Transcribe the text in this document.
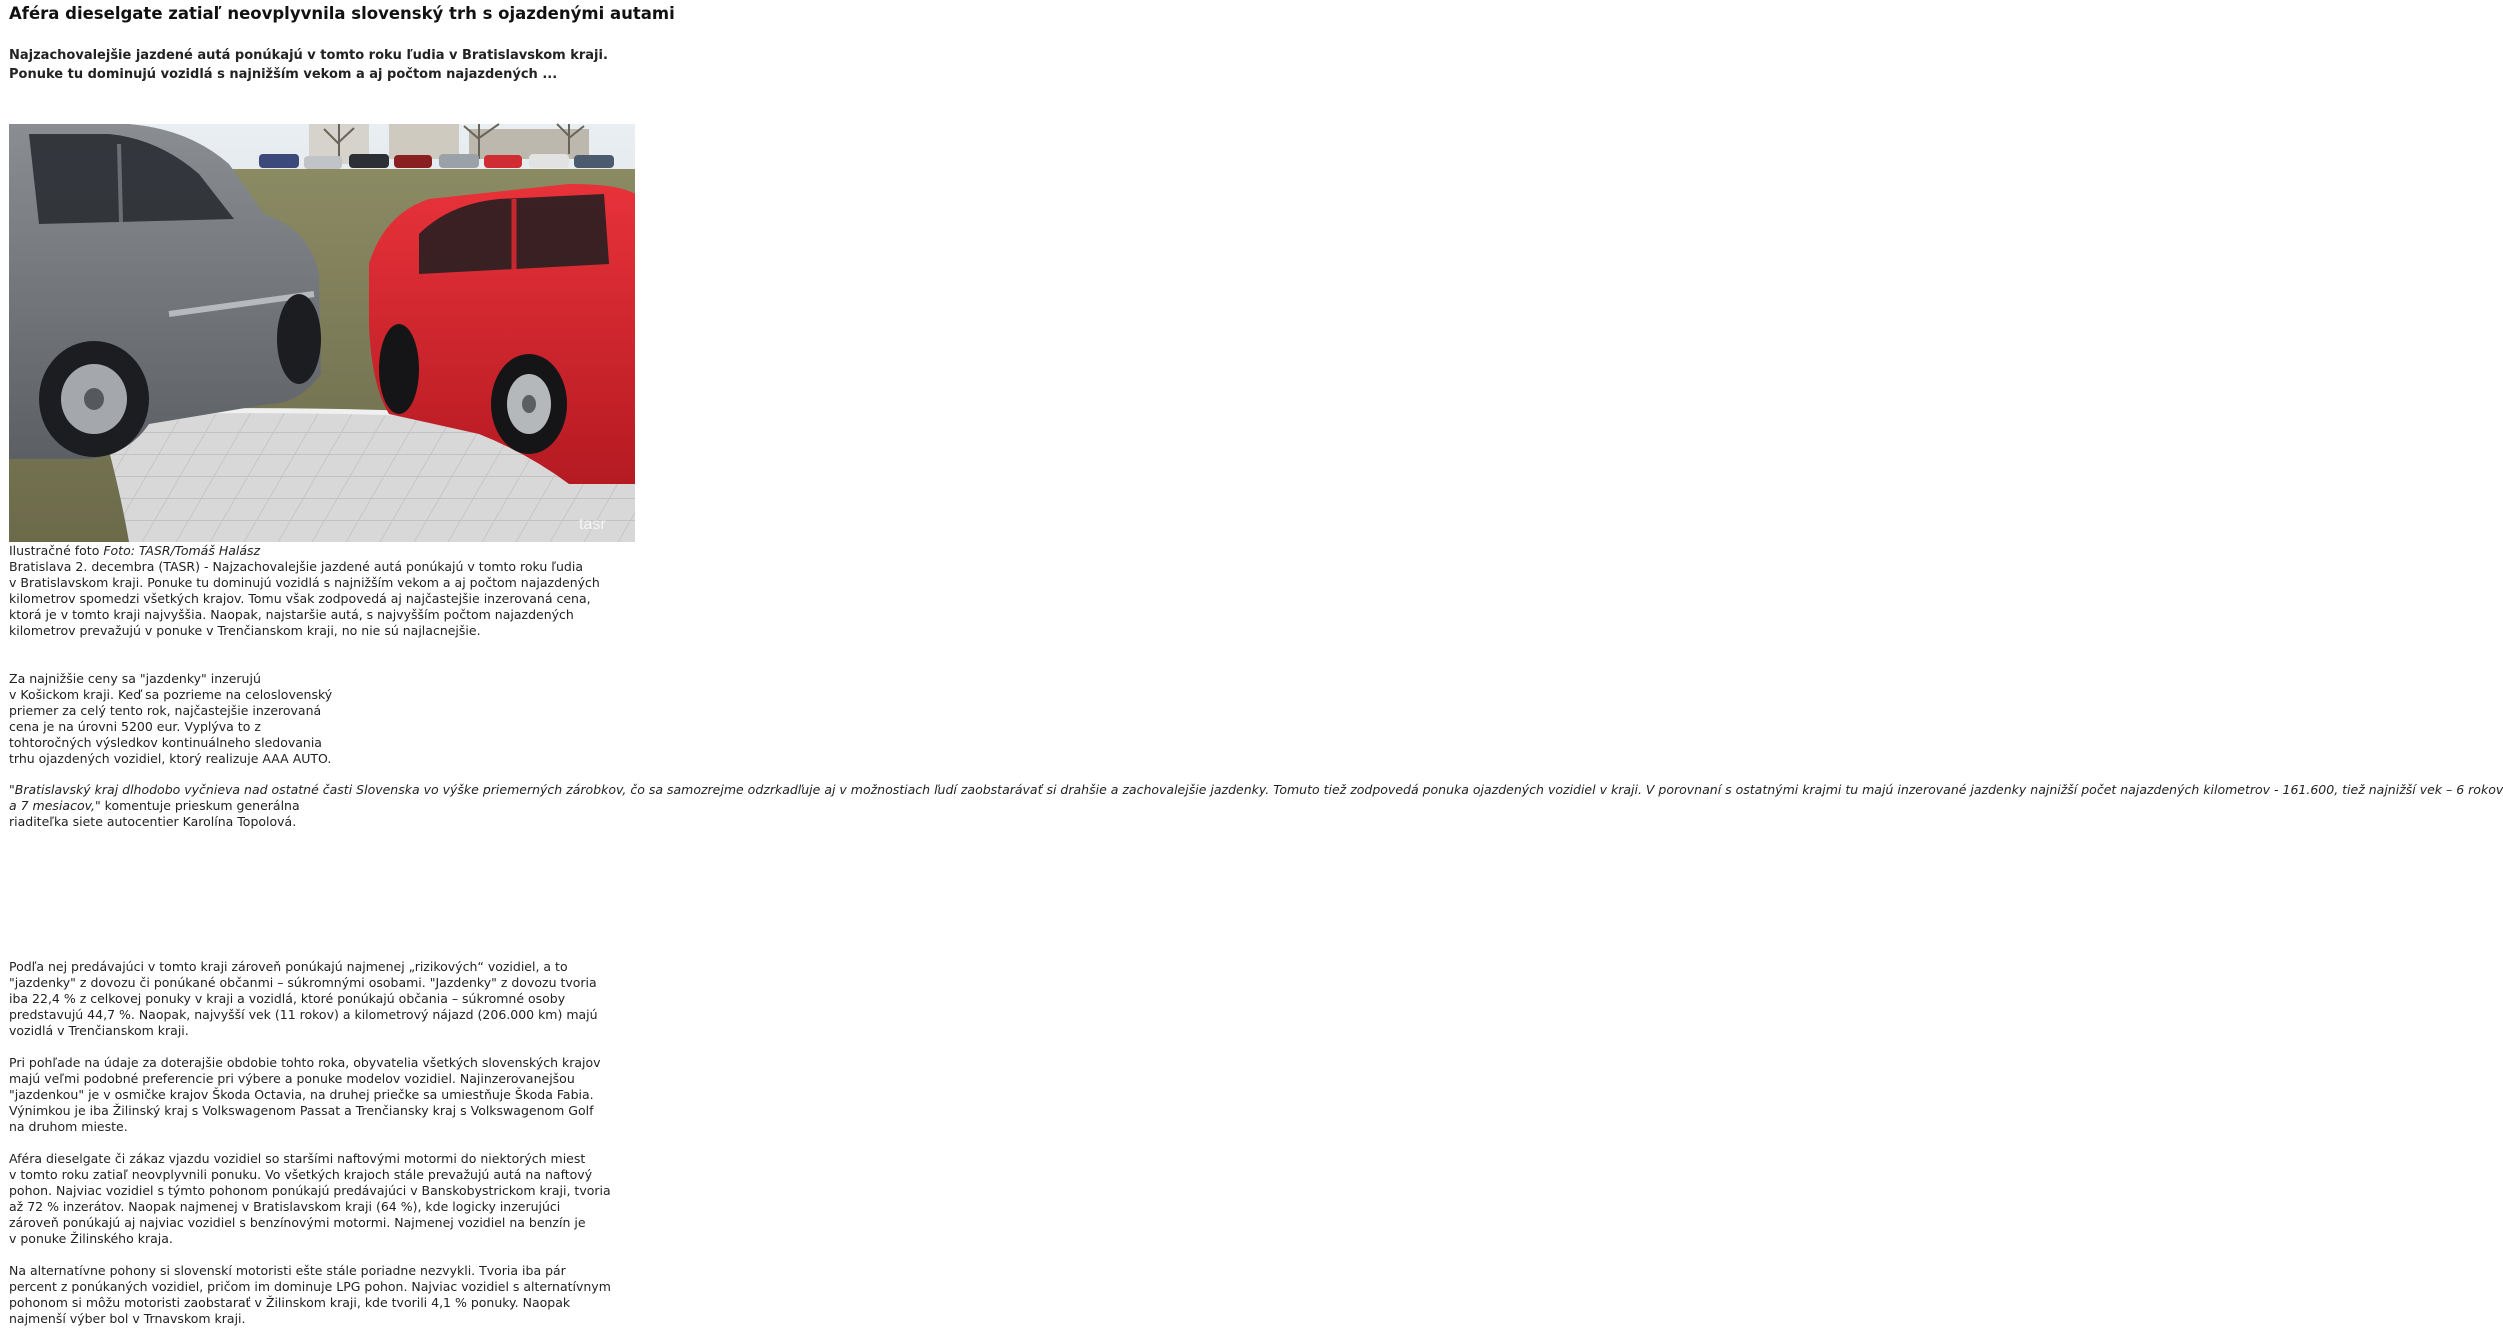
Aféra dieselgate zatiaľ neovplyvnila slovenský trh s ojazdenými autami
Najzachovalejšie jazdené autá ponúkajú v tomto roku ľudia v Bratislavskom kraji.
Ponuke tu dominujú vozidlá s najnižším vekom a aj počtom najazdených ...
tasr
Ilustračné foto Foto: TASR/Tomáš Halász
Bratislava 2. decembra (TASR) - Najzachovalejšie jazdené autá ponúkajú v tomto roku ľudia
v Bratislavskom kraji. Ponuke tu dominujú vozidlá s najnižším vekom a aj počtom najazdených
kilometrov spomedzi všetkých krajov. Tomu však zodpovedá aj najčastejšie inzerovaná cena,
ktorá je v tomto kraji najvyššia. Naopak, najstaršie autá, s najvyšším počtom najazdených
kilometrov prevažujú v ponuke v Trenčianskom kraji, no nie sú najlacnejšie.
Za najnižšie ceny sa "jazdenky" inzerujú
v Košickom kraji. Keď sa pozrieme na celoslovenský
priemer za celý tento rok, najčastejšie inzerovaná
cena je na úrovni 5200 eur. Vyplýva to z
tohtoročných výsledkov kontinuálneho sledovania
trhu ojazdených vozidiel, ktorý realizuje AAA AUTO.
"Bratislavský kraj dlhodobo vyčnieva nad ostatné časti Slovenska vo výške priemerných zárobkov, čo sa samozrejme odzrkadľuje aj v možnostiach ľudí zaobstarávať si drahšie a zachovalejšie jazdenky. Tomuto tiež zodpovedá ponuka ojazdených vozidiel v kraji. V porovnaní s ostatnými krajmi tu majú inzerované jazdenky najnižší počet najazdených kilometrov - 161.600, tiež najnižší vek – 6 rokov
a 7 mesiacov," komentuje prieskum generálna
riaditeľka siete autocentier Karolína Topolová.
Podľa nej predávajúci v tomto kraji zároveň ponúkajú najmenej „rizikových“ vozidiel, a to
"jazdenky" z dovozu či ponúkané občanmi – súkromnými osobami. "Jazdenky" z dovozu tvoria
iba 22,4 % z celkovej ponuky v kraji a vozidlá, ktoré ponúkajú občania – súkromné osoby
predstavujú 44,7 %. Naopak, najvyšší vek (11 rokov) a kilometrový nájazd (206.000 km) majú
vozidlá v Trenčianskom kraji.
Pri pohľade na údaje za doterajšie obdobie tohto roka, obyvatelia všetkých slovenských krajov
majú veľmi podobné preferencie pri výbere a ponuke modelov vozidiel. Najinzerovanejšou
"jazdenkou" je v osmičke krajov Škoda Octavia, na druhej priečke sa umiestňuje Škoda Fabia.
Výnimkou je iba Žilinský kraj s Volkswagenom Passat a Trenčiansky kraj s Volkswagenom Golf
na druhom mieste.
Aféra dieselgate či zákaz vjazdu vozidiel so staršími naftovými motormi do niektorých miest
v tomto roku zatiaľ neovplyvnili ponuku. Vo všetkých krajoch stále prevažujú autá na naftový
pohon. Najviac vozidiel s týmto pohonom ponúkajú predávajúci v Banskobystrickom kraji, tvoria
až 72 % inzerátov. Naopak najmenej v Bratislavskom kraji (64 %), kde logicky inzerujúci
zároveň ponúkajú aj najviac vozidiel s benzínovými motormi. Najmenej vozidiel na benzín je
v ponuke Žilinského kraja.
Na alternatívne pohony si slovenskí motoristi ešte stále poriadne nezvykli. Tvoria iba pár
percent z ponúkaných vozidiel, pričom im dominuje LPG pohon. Najviac vozidiel s alternatívnym
pohonom si môžu motoristi zaobstarať v Žilinskom kraji, kde tvorili 4,1 % ponuky. Naopak
najmenší výber bol v Trnavskom kraji.
